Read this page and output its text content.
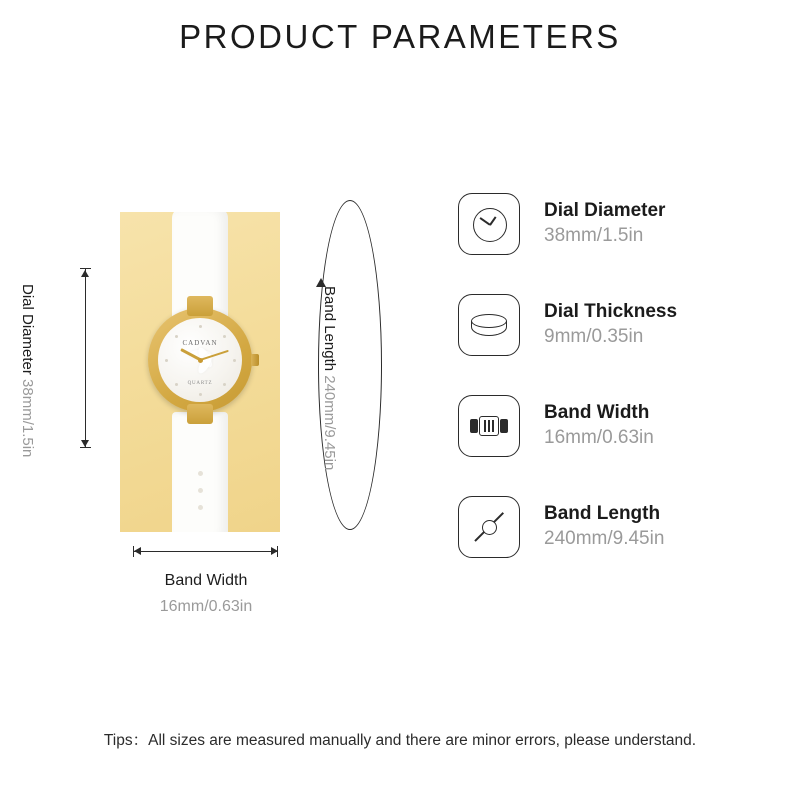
PRODUCT PARAMETERS
CADVAN
QUARTZ
Dial Diameter 38mm/1.5in
Band Width
16mm/0.63in
Band Length 240mm/9.45in
Dial Diameter
38mm/1.5in
Dial Thickness
9mm/0.35in
Band Width
16mm/0.63in
Band Length
240mm/9.45in
Tips：All sizes are measured manually and there are minor errors, please understand.
